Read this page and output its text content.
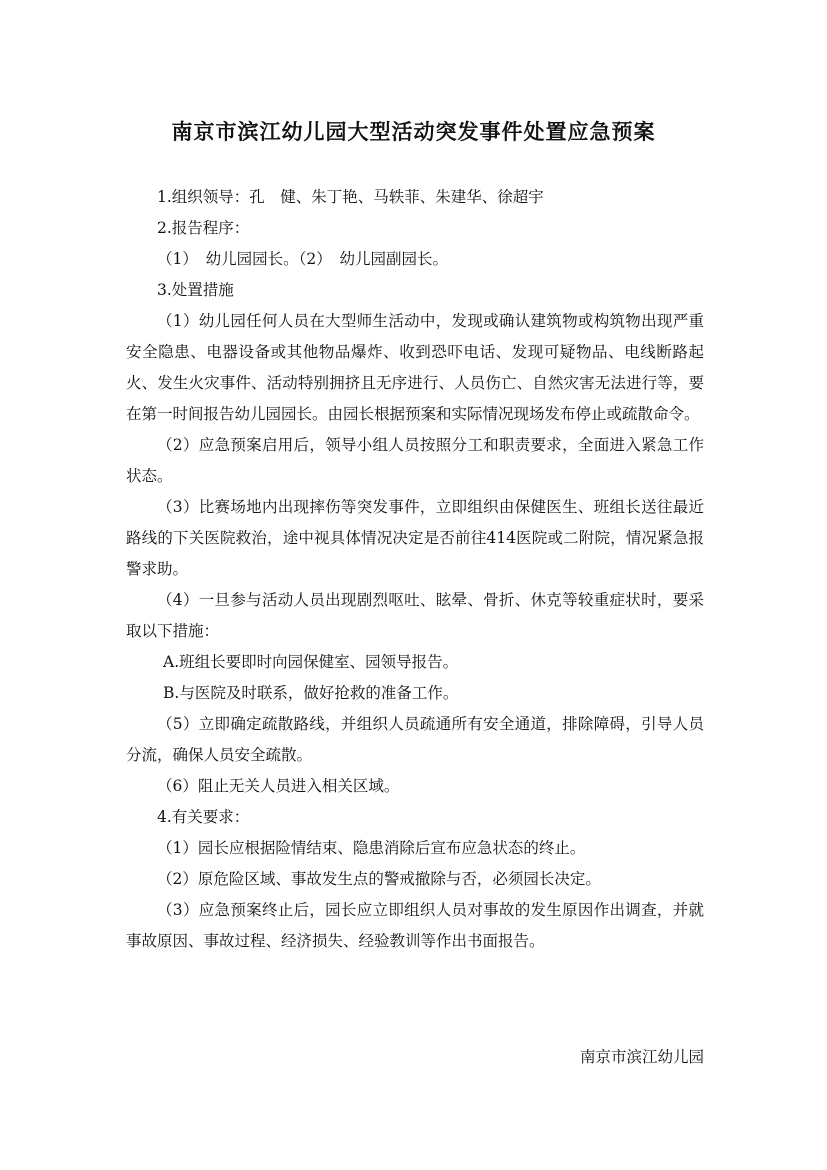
南京市滨江幼儿园大型活动突发事件处置应急预案

1.组织领导：孔　健、朱丁艳、马轶菲、朱建华、徐超宇

2.报告程序：

（1）　幼儿园园长。（2）　幼儿园副园长。

3.处置措施

（1）幼儿园任何人员在大型师生活动中，发现或确认建筑物或构筑物出现严重安全隐患、电器设备或其他物品爆炸、收到恐吓电话、发现可疑物品、电线断路起火、发生火灾事件、活动特别拥挤且无序进行、人员伤亡、自然灾害无法进行等，要在第一时间报告幼儿园园长。由园长根据预案和实际情况现场发布停止或疏散命令。

（2）应急预案启用后，领导小组人员按照分工和职责要求，全面进入紧急工作状态。

（3）比赛场地内出现摔伤等突发事件，立即组织由保健医生、班组长送往最近路线的下关医院救治，途中视具体情况决定是否前往414医院或二附院，情况紧急报警求助。

（4）一旦参与活动人员出现剧烈呕吐、眩晕、骨折、休克等较重症状时，要采取以下措施：

A.班组长要即时向园保健室、园领导报告。

B.与医院及时联系，做好抢救的准备工作。

（5）立即确定疏散路线，并组织人员疏通所有安全通道，排除障碍，引导人员分流，确保人员安全疏散。

（6）阻止无关人员进入相关区域。

4.有关要求：

（1）园长应根据险情结束、隐患消除后宣布应急状态的终止。

（2）原危险区域、事故发生点的警戒撤除与否，必须园长决定。

（3）应急预案终止后，园长应立即组织人员对事故的发生原因作出调查，并就事故原因、事故过程、经济损失、经验教训等作出书面报告。

南京市滨江幼儿园
